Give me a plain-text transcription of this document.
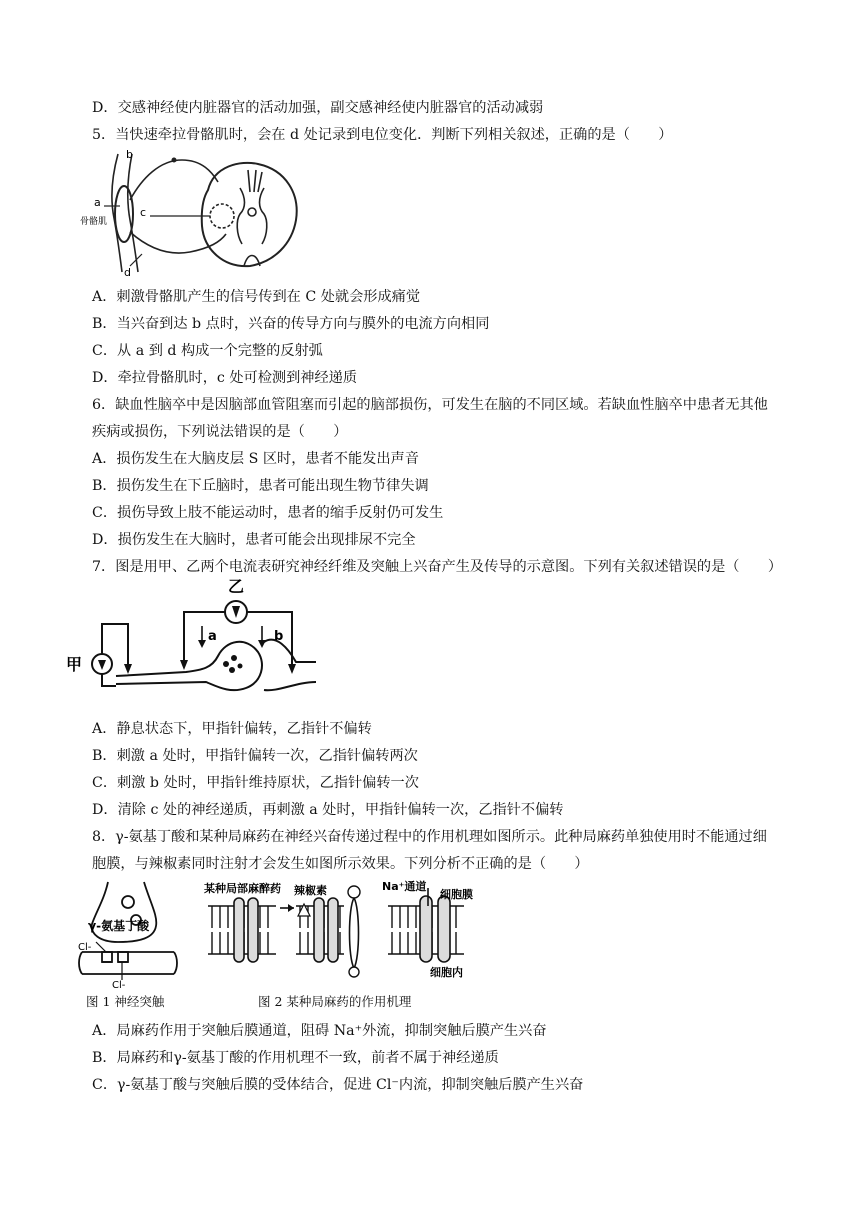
D．交感神经使内脏器官的活动加强，副交感神经使内脏器官的活动减弱
5．当快速牵拉骨骼肌时，会在 d 处记录到电位变化．判断下列相关叙述，正确的是（　　）
b
a
骨骼肌
c
d
A．刺激骨骼肌产生的信号传到在 C 处就会形成痛觉
B．当兴奋到达 b 点时，兴奋的传导方向与膜外的电流方向相同
C．从 a 到 d 构成一个完整的反射弧
D．牵拉骨骼肌时，c 处可检测到神经递质
6．缺血性脑卒中是因脑部血管阻塞而引起的脑部损伤，可发生在脑的不同区域。若缺血性脑卒中患者无其他
疾病或损伤，下列说法错误的是（　　）
A．损伤发生在大脑皮层 S 区时，患者不能发出声音
B．损伤发生在下丘脑时，患者可能出现生物节律失调
C．损伤导致上肢不能运动时，患者的缩手反射仍可发生
D．损伤发生在大脑时，患者可能会出现排尿不完全
7．图是用甲、乙两个电流表研究神经纤维及突触上兴奋产生及传导的示意图。下列有关叙述错误的是（　　）
乙
甲
a	b
A．静息状态下，甲指针偏转，乙指针不偏转
B．刺激 a 处时，甲指针偏转一次，乙指针偏转两次
C．刺激 b 处时，甲指针维持原状，乙指针偏转一次
D．清除 c 处的神经递质，再刺激 a 处时，甲指针偏转一次，乙指针不偏转
8．γ-氨基丁酸和某种局麻药在神经兴奋传递过程中的作用机理如图所示。此种局麻药单独使用时不能通过细
胞膜，与辣椒素同时注射才会发生如图所示效果。下列分析不正确的是（　　）
γ-氨基丁酸
Cl-
Cl-
某种局部麻醉药 辣椒素	Na⁺通道
细胞膜
细胞内
图 1 神经突触	图 2 某种局麻药的作用机理
A．局麻药作用于突触后膜通道，阻碍 Na⁺外流，抑制突触后膜产生兴奋
B．局麻药和γ-氨基丁酸的作用机理不一致，前者不属于神经递质
C．γ-氨基丁酸与突触后膜的受体结合，促进 Cl⁻内流，抑制突触后膜产生兴奋
